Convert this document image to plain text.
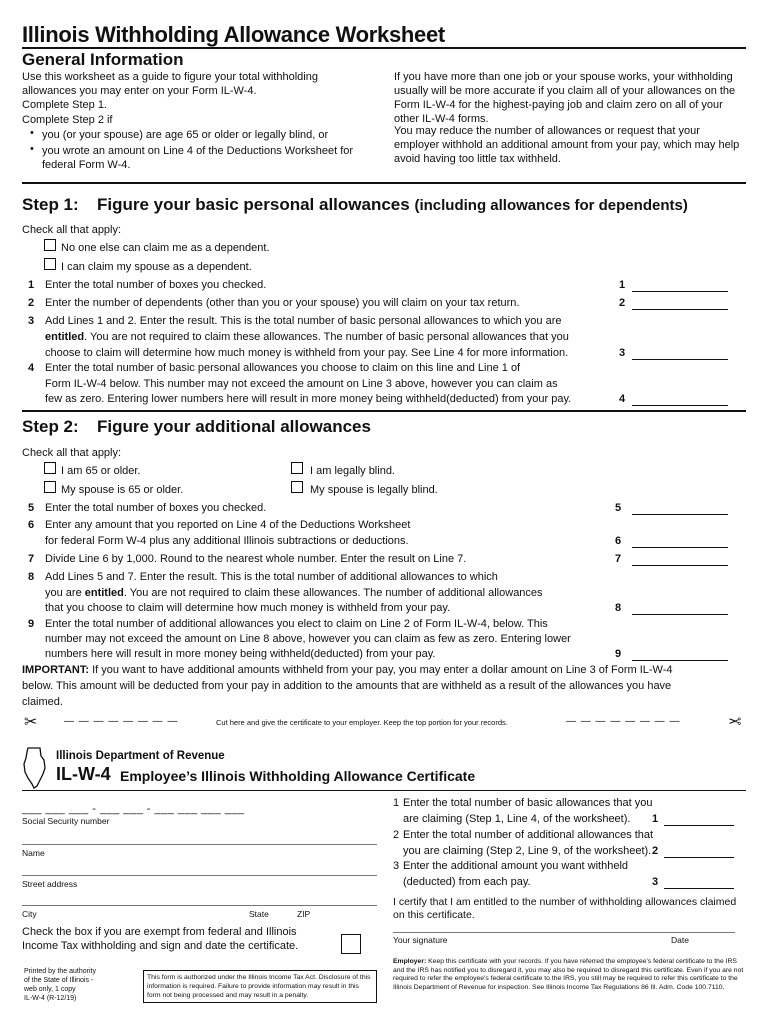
Illinois Withholding Allowance Worksheet
General Information
Use this worksheet as a guide to figure your total withholding allowances you may enter on your Form IL-W-4.
Complete Step 1.
Complete Step 2 if
• you (or your spouse) are age 65 or older or legally blind, or
• you wrote an amount on Line 4 of the Deductions Worksheet for federal Form W-4.
If you have more than one job or your spouse works, your withholding usually will be more accurate if you claim all of your allowances on the Form IL-W-4 for the highest-paying job and claim zero on all of your other IL-W-4 forms.
You may reduce the number of allowances or request that your employer withhold an additional amount from your pay, which may help avoid having too little tax withheld.
Step 1: Figure your basic personal allowances (including allowances for dependents)
Check all that apply:
No one else can claim me as a dependent.
I can claim my spouse as a dependent.
1 Enter the total number of boxes you checked.	1
2 Enter the number of dependents (other than you or your spouse) you will claim on your tax return.	2
3 Add Lines 1 and 2. Enter the result. This is the total number of basic personal allowances to which you are
entitled. You are not required to claim these allowances. The number of basic personal allowances that you
choose to claim will determine how much money is withheld from your pay. See Line 4 for more information.	3
4 Enter the total number of basic personal allowances you choose to claim on this line and Line 1 of
Form IL-W-4 below. This number may not exceed the amount on Line 3 above, however you can claim as
few as zero. Entering lower numbers here will result in more money being withheld(deducted) from your pay.	4
Step 2: Figure your additional allowances
Check all that apply:
I am 65 or older.
My spouse is 65 or older.
I am legally blind.
My spouse is legally blind.
5 Enter the total number of boxes you checked.	5
6 Enter any amount that you reported on Line 4 of the Deductions Worksheet
for federal Form W-4 plus any additional Illinois subtractions or deductions.	6
7 Divide Line 6 by 1,000. Round to the nearest whole number. Enter the result on Line 7.	7
8 Add Lines 5 and 7. Enter the result. This is the total number of additional allowances to which
you are entitled. You are not required to claim these allowances. The number of additional allowances
that you choose to claim will determine how much money is withheld from your pay.	8
9 Enter the total number of additional allowances you elect to claim on Line 2 of Form IL-W-4, below. This
number may not exceed the amount on Line 8 above, however you can claim as few as zero. Entering lower
numbers here will result in more money being withheld(deducted) from your pay.	9
IMPORTANT: If you want to have additional amounts withheld from your pay, you may enter a dollar amount on Line 3 of Form IL-W-4
below. This amount will be deducted from your pay in addition to the amounts that are withheld as a result of the allowances you have
claimed.
✂	— — — — — — — —	Cut here and give the certificate to your employer. Keep the top portion for your records.	— — — — — — — —	✂
Illinois Department of Revenue
IL-W-4 Employee’s Illinois Withholding Allowance Certificate
___ ___ ___ - ___ ___ - ___ ___ ___ ___
Social Security number
Name
Street address
City	State	ZIP
Check the box if you are exempt from federal and Illinois
Income Tax withholding and sign and date the certificate.
Printed by the authority
of the State of Illinois -
web only, 1 copy
IL-W-4 (R-12/19)
This form is authorized under the Illinois Income Tax Act. Disclosure of this information is required. Failure to provide information may result in this form not being processed and may result in a penalty.
1 Enter the total number of basic allowances that you
are claiming (Step 1, Line 4, of the worksheet). 1
2 Enter the total number of additional allowances that
you are claiming (Step 2, Line 9, of the worksheet). 2
3 Enter the additional amount you want withheld
(deducted) from each pay.	3
I certify that I am entitled to the number of withholding allowances claimed on this certificate.
Your signature	Date
Employer: Keep this certificate with your records. If you have referred the employee's federal certificate to the IRS and the IRS has notified you to disregard it, you may also be required to disregard this certificate. Even if you are not required to refer the employee's federal certificate to the IRS, you still may be required to refer this certificate to the Illinois Department of Revenue for inspection. See Illinois Income Tax Regulations 86 Ill. Adm. Code 100.7110.
